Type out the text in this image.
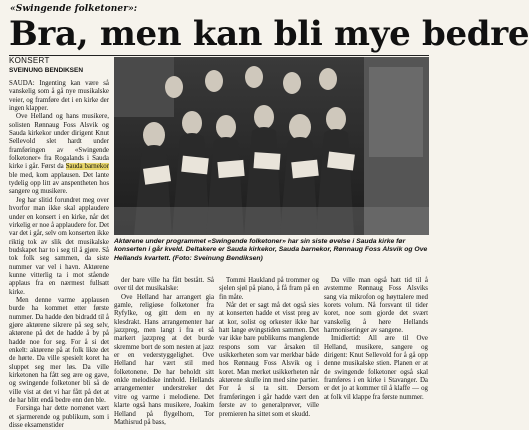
«Swingende folketoner»:
Bra, men kan bli mye bedre
KONSERT
SVEINUNG BENDIKSEN

SAUDA: Ingenting kan være så vanskelig som å gå nye musikalske veier, og framføre det i en kirke der ingen klapper.

Ove Helland og hans musikere, solisten Rønnaug Foss Alsvik og Sauda kirkekor under dirigent Knut Sellevold slet hardt under framføringen av «Swingende folketoner» fra Rogalands i Sauda kirke i går. Først da Sauda barnekor ble med, kom applausen. Det lante tydelig opp litt av anspentheten hos sangere og musikere.

Jeg har slitid forundret meg over hvorfor man ikke skal applaudere under en konsert i en kirke, når det virkelig er noe å applaudere for. Det var det i går, selv om konserten ikke riktig tok av slik det musikalske budskapet har to i seg til å gjøre. Så tok folk seg sammen, da siste nummer var vel i havn. Aktørene kunne vitterlig ta i mot stående applaus fra en nærmest fullsatt kirke.

Men denne varme applausen burde ha kommet etter første nummer. Da hadde den bidradd til å gjøre aktørene sikrere på seg selv, aktørene på det de hadde å by på hadde noe for seg. For å si det enkelt: aktørene på at folk likte det de hørte. Da ville spesielt koret ha sluppet seg mer løs. Da ville kirketonen ha fått seg ære og gave, og swingende folketoner bli så de ville vist at det vi har fått på det at de har blitt endå bedre enn den ble.

Forsinga har dette norrønet vært et sjarmerende og publikum, som i disse eksamenstider

Aktørene under programmet «Swingende folketoner» har sin siste øvelse i Sauda kirke før konserten i går kveld. Deltakere er Sauda kirkekor, Sauda barnekor, Rønnaug Foss Alsvik og Ove Hellands kvartett. (Foto: Sveinung Bendiksen)

der bare ville ha fått bestått. Så over til det musikalske:

Ove Helland har arrangert gia gamle, religiøse folketoner fra Ryfylke, og gitt dem en ny klesdrakt. Hans arrangementer har jazzpreg, men langt i fra et så markert jazzpreg at det burde skremme bort de som nesten at jazz er en vederstyggelighet. Ove Helland har vært stil med folketonene. De har beholdt sitt enkle melodiske innhold. Hellands arrangementer understreker det vitre og varme i melodiene. Det klarte også hans musikere, Joakim Helland på flygelhorn, Tor Mathisrud på bass,

Tommi Haukland på trommer og sjelen sjøl på piano, å få fram på en fin måte.

Når det er sagt må det også sies at konserten hadde et visst preg av at kor, solist og orkester ikke har hatt lange øvingstiden sammen. Det var ikke bare publikums manglende respons som var årsaken til usikkerheten som var merkbar både hos Rønnaug Foss Alsvik og i koret. Man merket usikkerheten når aktørene skulle inn med sine partier. For å si ta sitt. Dersom framføringen i går hadde vært den første av to generalprøver, ville premieren ha sittet som et skudd.

Da ville man også hatt tid til å avstemme Rønnaug Foss Alsviks sang via mikrofon og høyttalere med korets volum. Nå forsvant til tider koret, noe som gjorde det svært vanskelig å høre Hellands harmoniseringer av sangene.

Imidlertid: All ære til Ove Helland, musikere, sangere og dirigent: Knut Sellevold for å gå opp denne musikalske stien. Planen er at de swingende folketoner også skal framføres i en kirke i Stavanger. Da er det jo at kommer til å klaffe — og at folk vil klappe fra første nummer.
